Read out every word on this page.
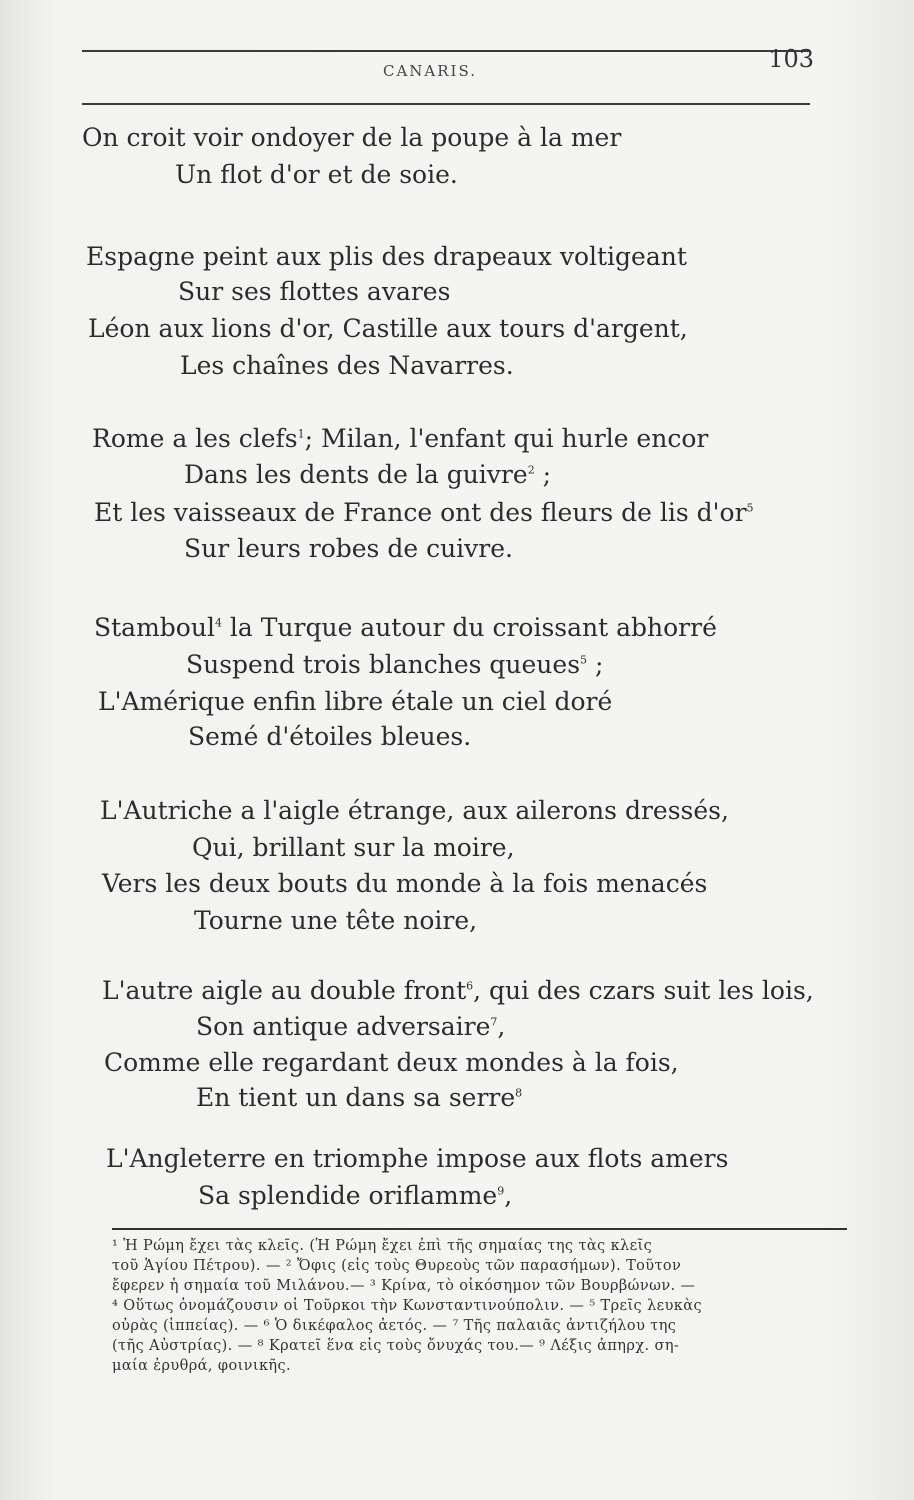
CANARIS.	103
On croit voir ondoyer de la poupe à la mer
Un flot d'or et de soie.
Espagne peint aux plis des drapeaux voltigeant
Sur ses flottes avares
Léon aux lions d'or, Castille aux tours d'argent,
Les chaînes des Navarres.
Rome a les clefs$^1$; Milan, l'enfant qui hurle encor
Dans les dents de la guivre$^2$ ;
Et les vaisseaux de France ont des fleurs de lis $d'or^5$
Sur leurs robes de cuivre.
Stamboul$^4$ la Turque autour du croissant abhorré
Suspend trois blanches queues$^5$ ;
L'Amérique enfin libre étale un ciel doré
Semé d'étoiles bleues.
L'Autriche a l'aigle étrange, aux ailerons dressés,
Qui, brillant sur la moire,
Vers les deux bouts du monde à la fois menacés
Tourne une tête noire,
L'autre aigle au double front$^6$, qui des czars suit les lois,
Son antique adversaire$^7$,
Comme elle regardant deux mondes à la fois,
En tient un dans sa serre$^8$
L'Angleterre en triomphe impose aux flots amers
Sa splendide oriflamme$^9$,
¹ Ἡ Ρώμη ἔχει τὰς κλεῖς. (Ἡ Ρώμη ἔχει ἐπὶ τῆς σημαίας της τὰς κλεῖς
τοῦ Ἁγίου Πέτρου). — ² Ὄφις (εἰς τοὺς Θυρεοὺς τῶν παρασήμων). Τοῦτον
ἔφερεν ἡ σημαία τοῦ Μιλάνου.— ³ Κρίνα, τὸ οἰκόσημον τῶν Βουρβώνων. —
⁴ Οὕτως ὀνομάζουσιν οἱ Τοῦρκοι τὴν Κωνσταντινούπολιν. — ⁵ Τρεῖς λευκὰς
οὐρὰς (ἱππείας). — ⁶ Ὁ δικέφαλος ἀετός. — ⁷ Τῆς παλαιᾶς ἀντιζήλου της
(τῆς Αὐστρίας). — ⁸ Κρατεῖ ἕνα εἰς τοὺς ὄνυχάς του.— ⁹ Λέξις ἀπηρχ. ση-
μαία ἐρυθρά, φοινικῆς.
